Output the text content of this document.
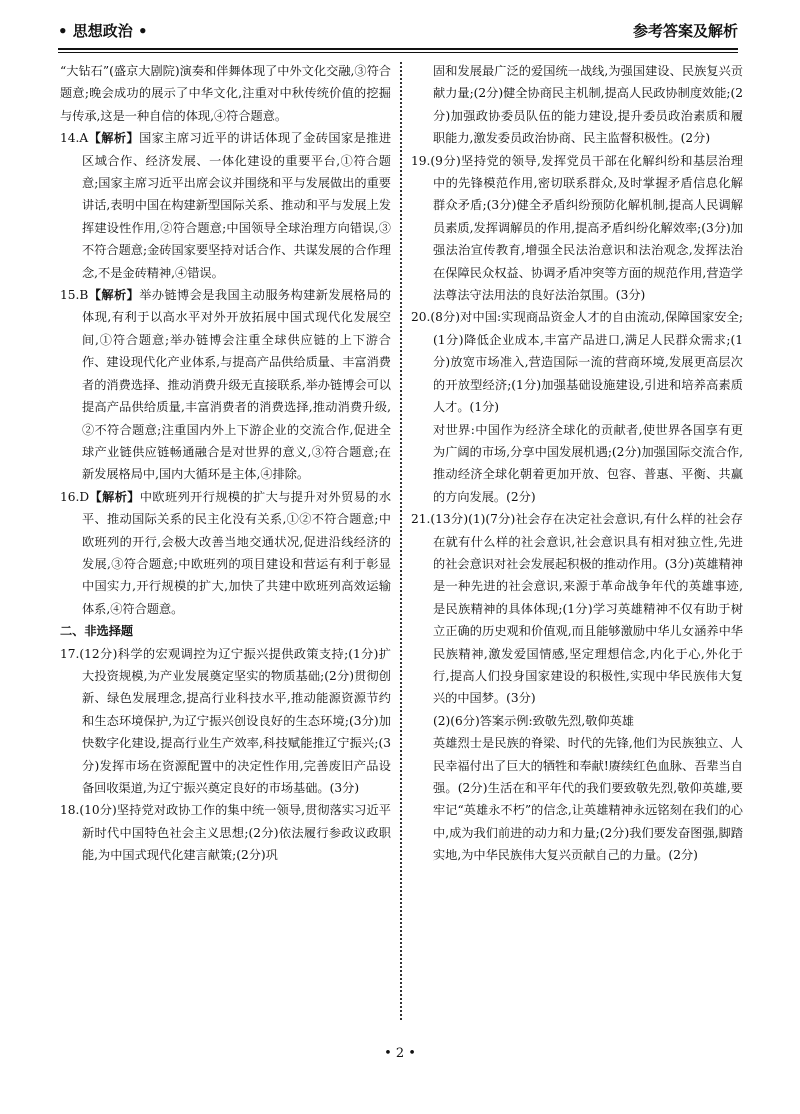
• 思想政治 •	参考答案及解析

“大钻石”(盛京大剧院)演奏和伴舞体现了中外文化交融,③符合题意;晚会成功的展示了中华文化,注重对中秋传统价值的挖掘与传承,这是一种自信的体现,④符合题意。

14.A【解析】国家主席习近平的讲话体现了金砖国家是推进区域合作、经济发展、一体化建设的重要平台,①符合题意;国家主席习近平出席会议并围绕和平与发展做出的重要讲话,表明中国在构建新型国际关系、推动和平与发展上发挥建设性作用,②符合题意;中国领导全球治理方向错误,③不符合题意;金砖国家要坚持对话合作、共谋发展的合作理念,不是金砖精神,④错误。

15.B【解析】举办链博会是我国主动服务构建新发展格局的体现,有利于以高水平对外开放拓展中国式现代化发展空间,①符合题意;举办链博会注重全球供应链的上下游合作、建设现代化产业体系,与提高产品供给质量、丰富消费者的消费选择、推动消费升级无直接联系,举办链博会可以提高产品供给质量,丰富消费者的消费选择,推动消费升级,②不符合题意;注重国内外上下游企业的交流合作,促进全球产业链供应链畅通融合是对世界的意义,③符合题意;在新发展格局中,国内大循环是主体,④排除。

16.D【解析】中欧班列开行规模的扩大与提升对外贸易的水平、推动国际关系的民主化没有关系,①②不符合题意;中欧班列的开行,会极大改善当地交通状况,促进沿线经济的发展,③符合题意;中欧班列的项目建设和营运有利于彰显中国实力,开行规模的扩大,加快了共建中欧班列高效运输体系,④符合题意。

二、非选择题

17.(12分)科学的宏观调控为辽宁振兴提供政策支持;(1分)扩大投资规模,为产业发展奠定坚实的物质基础;(2分)贯彻创新、绿色发展理念,提高行业科技水平,推动能源资源节约和生态环境保护,为辽宁振兴创设良好的生态环境;(3分)加快数字化建设,提高行业生产效率,科技赋能推辽宁振兴;(3分)发挥市场在资源配置中的决定性作用,完善废旧产品设备回收渠道,为辽宁振兴奠定良好的市场基础。(3分)

18.(10分)坚持党对政协工作的集中统一领导,贯彻落实习近平新时代中国特色社会主义思想;(2分)依法履行参政议政职能,为中国式现代化建言献策;(2分)巩

固和发展最广泛的爱国统一战线,为强国建设、民族复兴贡献力量;(2分)健全协商民主机制,提高人民政协制度效能;(2分)加强政协委员队伍的能力建设,提升委员政治素质和履职能力,激发委员政治协商、民主监督积极性。(2分)

19.(9分)坚持党的领导,发挥党员干部在化解纠纷和基层治理中的先锋模范作用,密切联系群众,及时掌握矛盾信息化解群众矛盾;(3分)健全矛盾纠纷预防化解机制,提高人民调解员素质,发挥调解员的作用,提高矛盾纠纷化解效率;(3分)加强法治宣传教育,增强全民法治意识和法治观念,发挥法治在保障民众权益、协调矛盾冲突等方面的规范作用,营造学法尊法守法用法的良好法治氛围。(3分)

20.(8分)对中国:实现商品资金人才的自由流动,保障国家安全;(1分)降低企业成本,丰富产品进口,满足人民群众需求;(1分)放宽市场准入,营造国际一流的营商环境,发展更高层次的开放型经济;(1分)加强基础设施建设,引进和培养高素质人才。(1分)

对世界:中国作为经济全球化的贡献者,使世界各国享有更为广阔的市场,分享中国发展机遇;(2分)加强国际交流合作,推动经济全球化朝着更加开放、包容、普惠、平衡、共赢的方向发展。(2分)

21.(13分)(1)(7分)社会存在决定社会意识,有什么样的社会存在就有什么样的社会意识,社会意识具有相对独立性,先进的社会意识对社会发展起积极的推动作用。(3分)英雄精神是一种先进的社会意识,来源于革命战争年代的英雄事迹,是民族精神的具体体现;(1分)学习英雄精神不仅有助于树立正确的历史观和价值观,而且能够激励中华儿女涵养中华民族精神,激发爱国情感,坚定理想信念,内化于心,外化于行,提高人们投身国家建设的积极性,实现中华民族伟大复兴的中国梦。(3分)

(2)(6分)答案示例:致敬先烈,敬仰英雄

英雄烈士是民族的脊梁、时代的先锋,他们为民族独立、人民幸福付出了巨大的牺牲和奉献!赓续红色血脉、吾辈当自强。(2分)生活在和平年代的我们要致敬先烈,敬仰英雄,要牢记“英雄永不朽”的信念,让英雄精神永远铭刻在我们的心中,成为我们前进的动力和力量;(2分)我们要发奋图强,脚踏实地,为中华民族伟大复兴贡献自己的力量。(2分)

• 2 •
